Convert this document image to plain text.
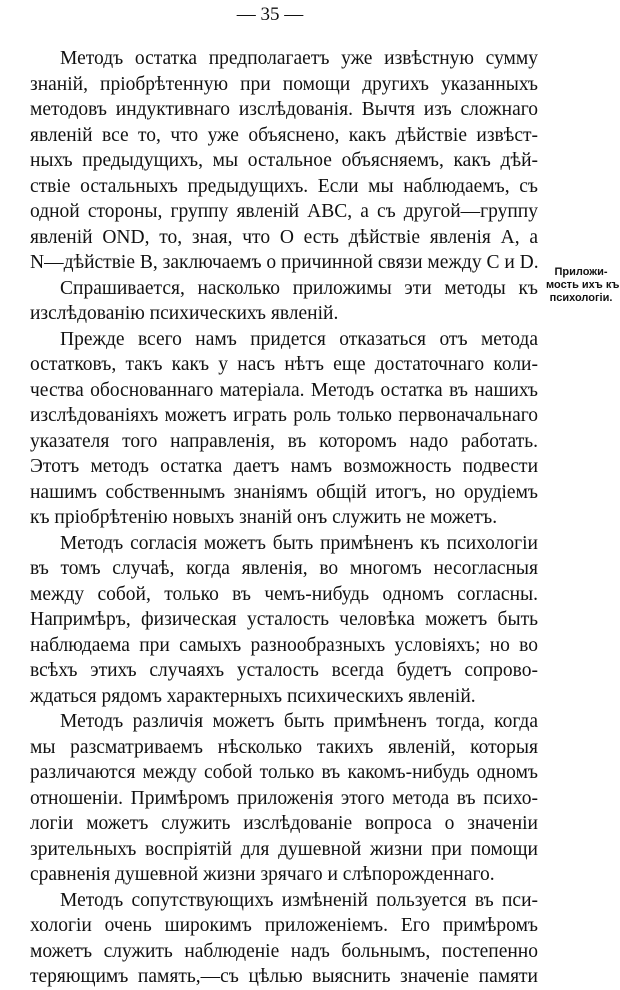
— 35 —
Методъ остатка предполагаетъ уже извѣстную сумму
знаній, пріобрѣтенную при помощи другихъ указанныхъ
методовъ индуктивнаго изслѣдованія. Вычтя изъ сложнаго
явленій все то, что уже объяснено, какъ дѣйствіе извѣст-
ныхъ предыдущихъ, мы остальное объясняемъ, какъ дѣй-
ствіе остальныхъ предыдущихъ. Если мы наблюдаемъ, съ
одной стороны, группу явленій ABC, а съ другой—группу
явленій OND, то, зная, что O есть дѣйствіе явленія A, а
N—дѣйствіе B, заключаемъ о причинной связи между C и D.
Спрашивается, насколько приложимы эти методы къ
изслѣдованію психическихъ явленій.
Прежде всего намъ придется отказаться отъ метода
остатковъ, такъ какъ у насъ нѣтъ еще достаточнаго коли-
чества обоснованнаго матеріала. Методъ остатка въ нашихъ
изслѣдованіяхъ можетъ играть роль только первоначальнаго
указателя того направленія, въ которомъ надо работать.
Этотъ методъ остатка даетъ намъ возможность подвести
нашимъ собственнымъ знаніямъ общій итогъ, но орудіемъ
къ пріобрѣтенію новыхъ знаній онъ служить не можетъ.
Методъ согласія можетъ быть примѣненъ къ психологіи
въ томъ случаѣ, когда явленія, во многомъ несогласныя
между собой, только въ чемъ-нибудь одномъ согласны.
Напримѣръ, физическая усталость человѣка можетъ быть
наблюдаема при самыхъ разнообразныхъ условіяхъ; но во
всѣхъ этихъ случаяхъ усталость всегда будетъ сопрово-
ждаться рядомъ характерныхъ психическихъ явленій.
Методъ различія можетъ быть примѣненъ тогда, когда
мы разсматриваемъ нѣсколько такихъ явленій, которыя
различаются между собой только въ какомъ-нибудь одномъ
отношеніи. Примѣромъ приложенія этого метода въ психо-
логіи можетъ служить изслѣдованіе вопроса о значеніи
зрительныхъ воспріятій для душевной жизни при помощи
сравненія душевной жизни зрячаго и слѣпорожденнаго.
Методъ сопутствующихъ измѣненій пользуется въ пси-
хологіи очень широкимъ приложеніемъ. Его примѣромъ
можетъ служить наблюденіе надъ больнымъ, постепенно
теряющимъ память,—съ цѣлью выяснить значеніе памяти
Приложи-
мость ихъ къ
психологіи.
